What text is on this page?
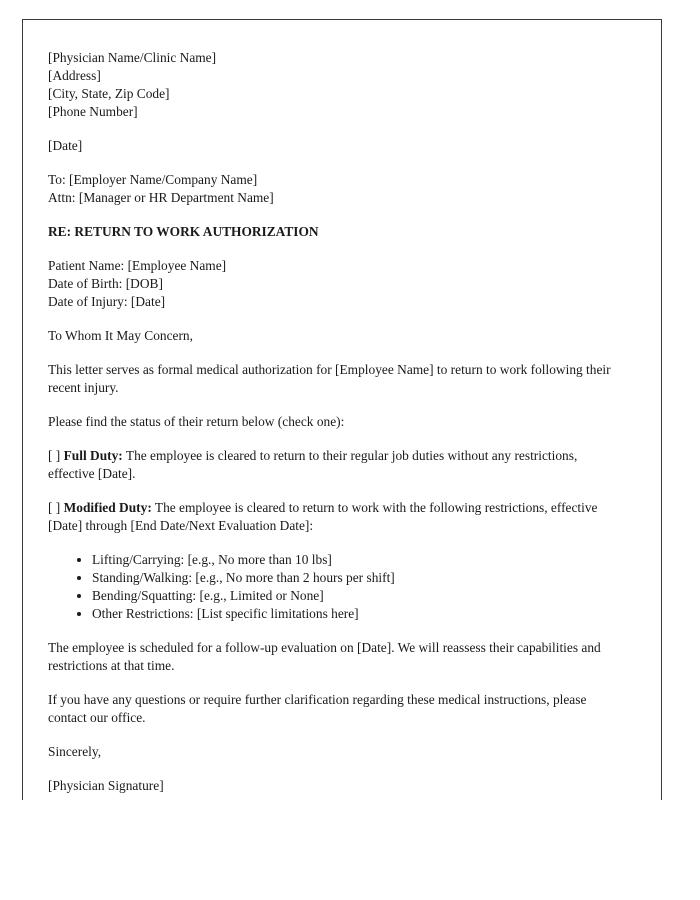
[Physician Name/Clinic Name]
[Address]
[City, State, Zip Code]
[Phone Number]

[Date]

To: [Employer Name/Company Name]
Attn: [Manager or HR Department Name]

RE: RETURN TO WORK AUTHORIZATION

Patient Name: [Employee Name]
Date of Birth: [DOB]
Date of Injury: [Date]

To Whom It May Concern,

This letter serves as formal medical authorization for [Employee Name] to return to work following their recent injury.

Please find the status of their return below (check one):

[ ] Full Duty: The employee is cleared to return to their regular job duties without any restrictions, effective [Date].

[ ] Modified Duty: The employee is cleared to return to work with the following restrictions, effective [Date] through [End Date/Next Evaluation Date]:

• Lifting/Carrying: [e.g., No more than 10 lbs]
• Standing/Walking: [e.g., No more than 2 hours per shift]
• Bending/Squatting: [e.g., Limited or None]
• Other Restrictions: [List specific limitations here]

The employee is scheduled for a follow-up evaluation on [Date]. We will reassess their capabilities and restrictions at that time.

If you have any questions or require further clarification regarding these medical instructions, please contact our office.

Sincerely,

[Physician Signature]
